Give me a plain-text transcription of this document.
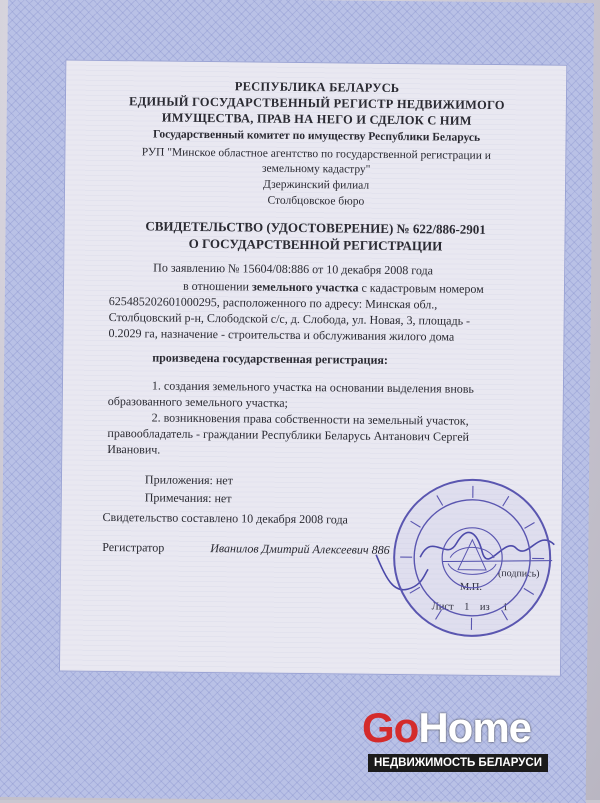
РЕСПУБЛИКА БЕЛАРУСЬ
ЕДИНЫЙ ГОСУДАРСТВЕННЫЙ РЕГИСТР НЕДВИЖИМОГО
ИМУЩЕСТВА, ПРАВ НА НЕГО И СДЕЛОК С НИМ
Государственный комитет по имуществу Республики Беларусь
РУП "Минское областное агентство по государственной регистрации и
земельному кадастру"
Дзержинский филиал
Столбцовское бюро
СВИДЕТЕЛЬСТВО (УДОСТОВЕРЕНИЕ) № 622/886-2901
О ГОСУДАРСТВЕННОЙ РЕГИСТРАЦИИ
По заявлению № 15604/08:886 от 10 декабря 2008 года
в отношении земельного участка с кадастровым номером
625485202601000295, расположенного по адресу: Минская обл.,
Столбцовский р-н, Слободской с/с, д. Слобода, ул. Новая, 3, площадь -
0.2029 га, назначение - строительства и обслуживания жилого дома
произведена государственная регистрация:
1. создания земельного участка на основании выделения вновь
образованного земельного участка;
2. возникновения права собственности на земельный участок,
правообладатель - граждании Республики Беларусь Антанович Сергей
Иванович.
Приложения: нет
Примечания: нет
Свидетельство составлено 10 декабря 2008 года
Регистратор	Иванилов Дмитрий Алексеевич 886

GoHome
НЕДВИЖИМОСТЬ БЕЛАРУСИ
